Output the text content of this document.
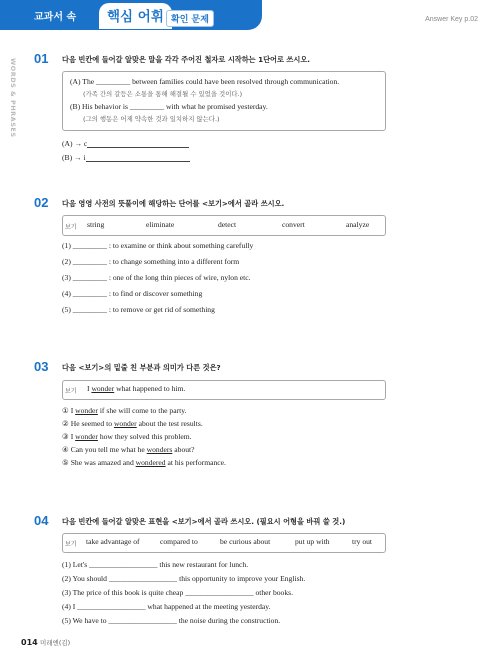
교과서 속	핵심 어휘 확인 문제	Answer Key p.02
WORDS & PHRASES 01 다음 빈칸에 들어갈 알맞은 말을 각각 주어진 철자로 시작하는 1단어로 쓰시오.
(A) The _________ between families could have been resolved through communication.
(가족 간의 갈등은 소통을 통해 해결될 수 있었을 것이다.)
(B) His behavior is _________ with what he promised yesterday.
(그의 행동은 어제 약속한 것과 일치하지 않는다.)
(A) → c
(B) → i
02 다음 영영 사전의 뜻풀이에 해당하는 단어를 <보기>에서 골라 쓰시오.
보기 string	eliminate	detect	convert	analyze
(1) _________ : to examine or think about something carefully
(2) _________ : to change something into a different form
(3) _________ : one of the long thin pieces of wire, nylon etc.
(4) _________ : to find or discover something
(5) _________ : to remove or get rid of something
03 다음 <보기>의 밑줄 친 부분과 의미가 다른 것은?
보기 I wonder what happened to him.
① I wonder if she will come to the party.
② He seemed to wonder about the test results.
③ I wonder how they solved this problem.
④ Can you tell me what he wonders about?
⑤ She was amazed and wondered at his performance.
04 다음 빈칸에 들어갈 알맞은 표현을 <보기>에서 골라 쓰시오. (필요시 어형을 바꿔 쓸 것.)
보기 take advantage of	compared to	be curious about	put up with	try out
(1) Let's __________________ this new restaurant for lunch.
(2) You should __________________ this opportunity to improve your English.
(3) The price of this book is quite cheap __________________ other books.
(4) I __________________ what happened at the meeting yesterday.
(5) We have to __________________ the noise during the construction.
014 미래엔(김)
